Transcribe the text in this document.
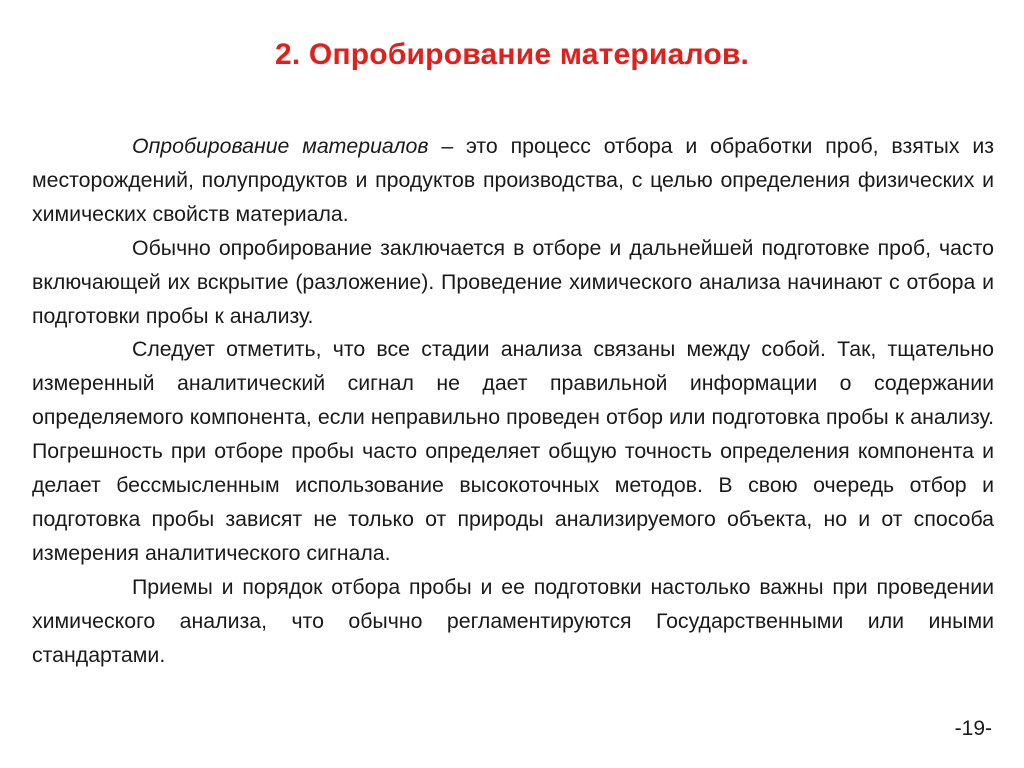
2. Опробирование материалов.

Опробирование материалов – это процесс отбора и обработки проб, взятых из месторождений, полупродуктов и продуктов производства, с целью определения физических и химических свойств материала.

Обычно опробирование заключается в отборе и дальнейшей подготовке проб, часто включающей их вскрытие (разложение). Проведение химического анализа начинают с отбора и подготовки пробы к анализу.

Следует отметить, что все стадии анализа связаны между собой. Так, тщательно измеренный аналитический сигнал не дает правильной информации о содержании определяемого компонента, если неправильно проведен отбор или подготовка пробы к анализу. Погрешность при отборе пробы часто определяет общую точность определения компонента и делает бессмысленным использование высокоточных методов. В свою очередь отбор и подготовка пробы зависят не только от природы анализируемого объекта, но и от способа измерения аналитического сигнала.

Приемы и порядок отбора пробы и ее подготовки настолько важны при проведении химического анализа, что обычно регламентируются Государственными или иными стандартами.

-19-
